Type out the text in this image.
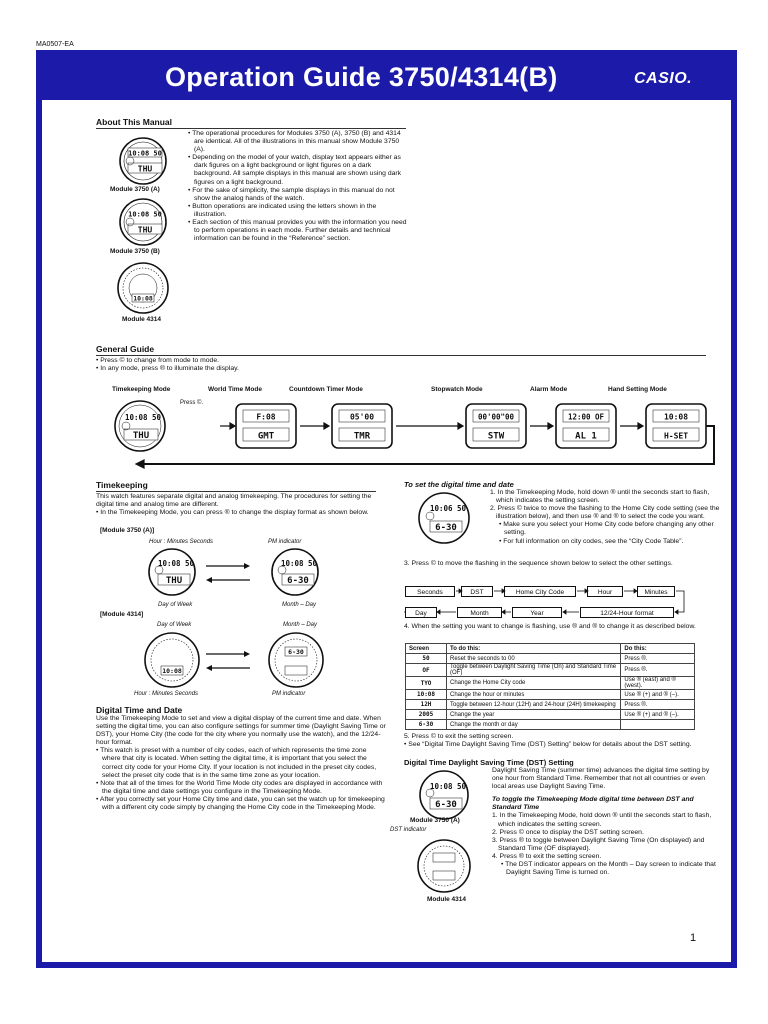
MA0507-EA
Operation Guide 3750/4314(B)	CASIO.
About This Manual
10:08 50
THU
Module 3750 (A)
10:08 50
THU
Module 3750 (B)
10:08
Module 4314

• The operational procedures for Modules 3750 (A), 3750 (B) and 4314 are identical. All of the illustrations in this manual show Module 3750 (A).

• Depending on the model of your watch, display text appears either as dark figures on a light background or light figures on a dark background. All sample displays in this manual are shown using dark figures on a light background.

• For the sake of simplicity, the sample displays in this manual do not show the analog hands of the watch.

• Button operations are indicated using the letters shown in the illustration.

• Each section of this manual provides you with the information you need to perform operations in each mode. Further details and technical information can be found in the “Reference” section.

General Guide

• Press © to change from mode to mode.

• In any mode, press ® to illuminate the display.

Timekeeping Mode	World Time Mode	Countdown Timer Mode	Stopwatch Mode	Alarm Mode	Hand Setting Mode
Press ©.
10:08 50
THU
F:08
GMT
05'00
TMR
00'00"00
STW
12:00 OF
AL 1
10:08
H-SET
Timekeeping

This watch features separate digital and analog timekeeping. The procedures for setting the digital time and analog time are different.

• In the Timekeeping Mode, you can press ® to change the display format as shown below.

[Module 3750 (A)]
Hour : Minutes Seconds	PM indicator
10:08 50
THU
10:08 50
6-30
Day of Week	Month – Day
[Module 4314]
Day of Week	Month – Day
10:08
6-30
Hour : Minutes Seconds	PM indicator
Digital Time and Date

Use the Timekeeping Mode to set and view a digital display of the current time and date. When setting the digital time, you can also configure settings for summer time (Daylight Saving Time or DST), your Home City (the code for the city where you normally use the watch), and the 12/24-hour format.

• This watch is preset with a number of city codes, each of which represents the time zone where that city is located. When setting the digital time, it is important that you select the correct city code for your Home City. If your location is not included in the preset city codes, select the preset city code that is in the same time zone as your location.

• Note that all of the times for the World Time Mode city codes are displayed in accordance with the digital time and date settings you configure in the Timekeeping Mode.

• After you correctly set your Home City time and date, you can set the watch up for timekeeping with a different city code simply by changing the Home City code in the Timekeeping Mode.

To set the digital time and date
10:06 50
6-30

1. In the Timekeeping Mode, hold down ® until the seconds start to flash, which indicates the setting screen.

2. Press © twice to move the flashing to the Home City code setting (see the illustration below), and then use ® and ® to select the code you want.

• Make sure you select your Home City code before changing any other setting.

• For full information on city codes, see the “City Code Table”.

3. Press © to move the flashing in the sequence shown below to select the other settings.

Seconds	DST	Home City Code	Hour	Minutes
Day	Month	Year	12/24-Hour format

4. When the setting you want to change is flashing, use ® and ® to change it as described below.

Screen	To do this:	Do this:
50	Reset the seconds to 00	Press ®.
OF	Toggle between Daylight Saving Time (On) and Standard Time (OF)	Press ®.
TYO	Change the Home City code	Use ® (east) and ® (west).
10:08	Change the hour or minutes	Use ® (+) and ® (–).
12H	Toggle between 12-hour (12H) and 24-hour (24H) timekeeping	Press ®.
2005	Change the year	Use ® (+) and ® (–).
6-30	Change the month or day	

5. Press © to exit the setting screen.

• See “Digital Time Daylight Saving Time (DST) Setting” below for details about the DST setting.

Digital Time Daylight Saving Time (DST) Setting
10:08 50
6-30
Module 3750 (A)
DST indicator
Module 4314

Daylight Saving Time (summer time) advances the digital time setting by one hour from Standard Time. Remember that not all countries or even local areas use Daylight Saving Time.

To toggle the Timekeeping Mode digital time between DST and Standard Time

1. In the Timekeeping Mode, hold down ® until the seconds start to flash, which indicates the setting screen.

2. Press © once to display the DST setting screen.

3. Press ® to toggle between Daylight Saving Time (On displayed) and Standard Time (OF displayed).

4. Press ® to exit the setting screen.

• The DST indicator appears on the Month – Day screen to indicate that Daylight Saving Time is turned on.

1
